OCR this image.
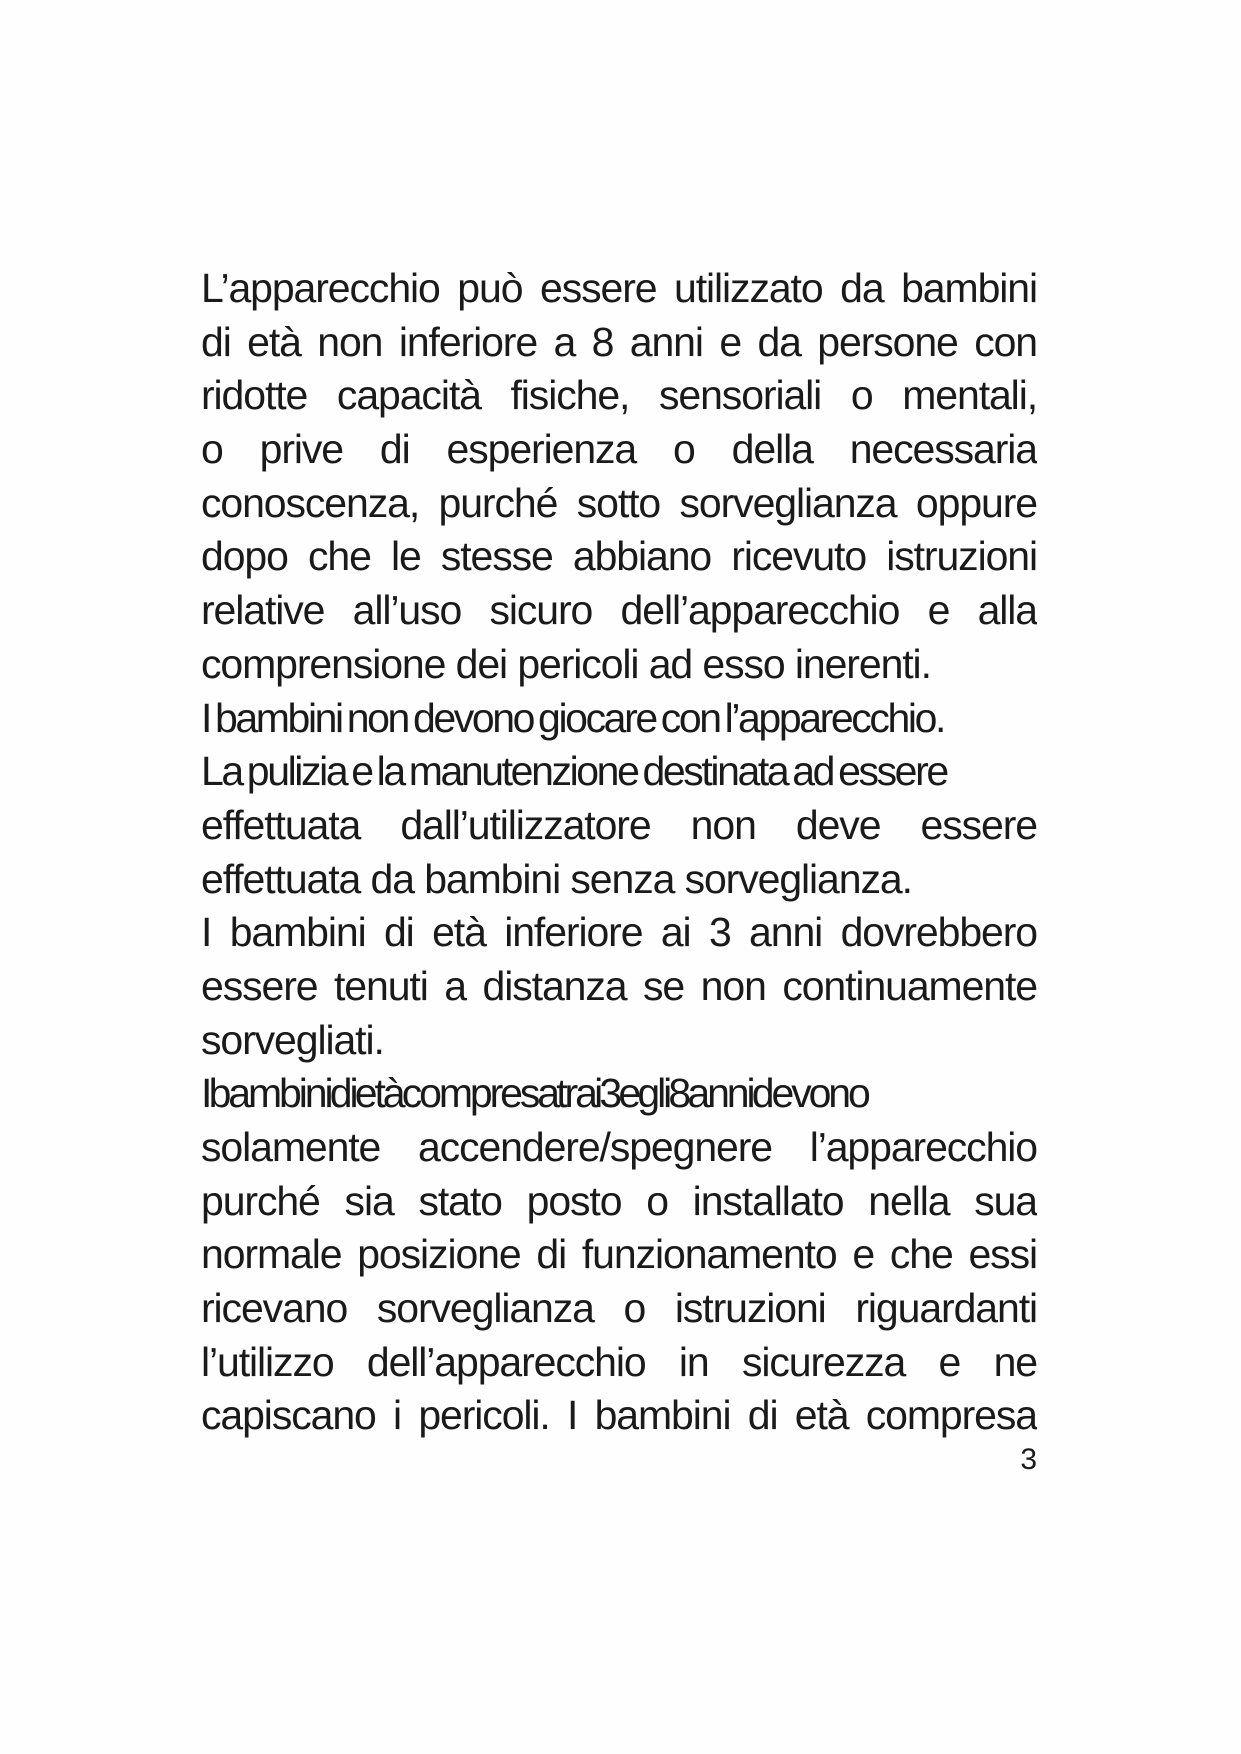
L’apparecchio può essere utilizzato da bambini
di età non inferiore a 8 anni e da persone con
ridotte capacità fisiche, sensoriali o mentali,
o prive di esperienza o della necessaria
conoscenza, purché sotto sorveglianza oppure
dopo che le stesse abbiano ricevuto istruzioni
relative all’uso sicuro dell’apparecchio e alla
comprensione dei pericoli ad esso inerenti.
I bambini non devono giocare con l’apparecchio.
La pulizia e la manutenzione destinata ad essere
effettuata dall’utilizzatore non deve essere
effettuata da bambini senza sorveglianza.
I bambini di età inferiore ai 3 anni dovrebbero
essere tenuti a distanza se non continuamente
sorvegliati.
I bambini di età compresa tra i 3 e gli 8 anni devono
solamente accendere/spegnere l’apparecchio
purché sia stato posto o installato nella sua
normale posizione di funzionamento e che essi
ricevano sorveglianza o istruzioni riguardanti
l’utilizzo dell’apparecchio in sicurezza e ne
capiscano i pericoli. I bambini di età compresa
3
